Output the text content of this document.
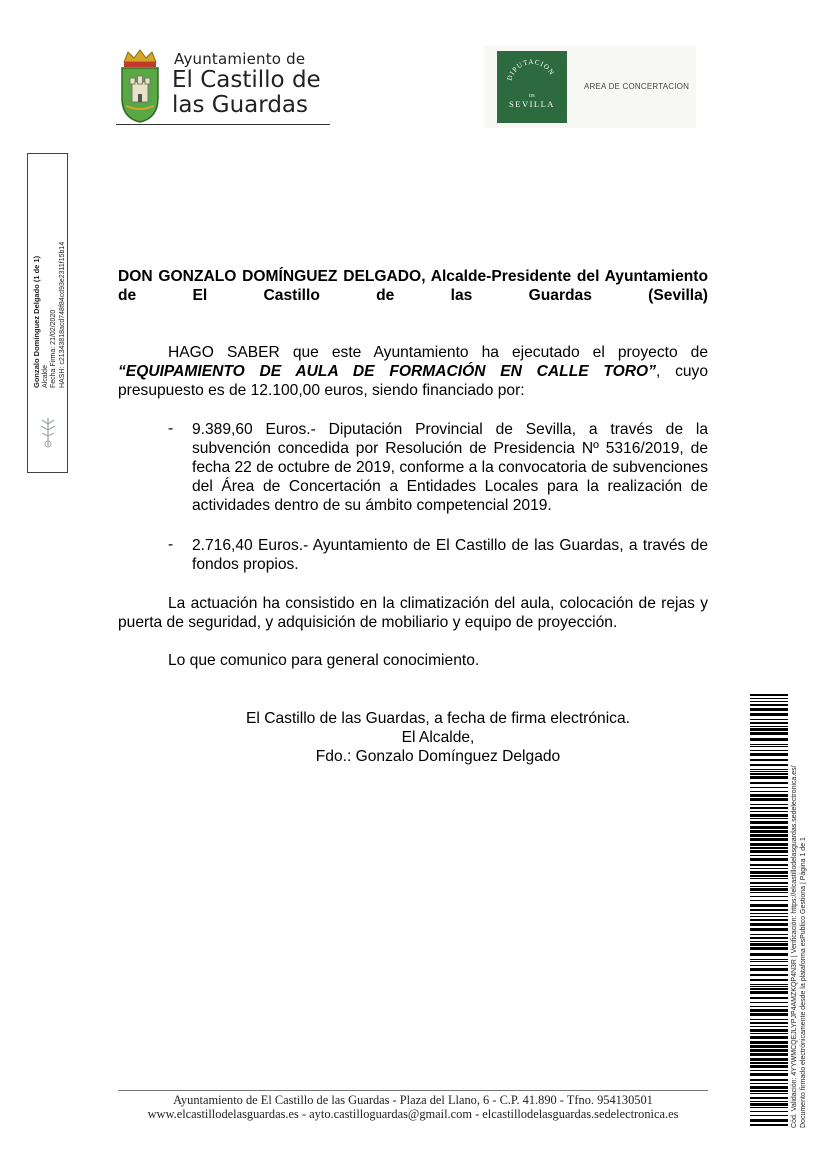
Ayuntamiento de
El Castillo de
las Guardas
DIPUTACION
DE
SEVILLA
AREA DE CONCERTACION
Gonzalo Domínguez Delgado (1 de 1) Alcalde Fecha Firma: 21/02/2020 HASH: c21343818acd748f84cd93e2311f15b14	DON GONZALO DOMÍNGUEZ DELGADO, Alcalde-Presidente del Ayuntamiento de El Castillo de las Guardas (Sevilla)
HAGO SABER que este Ayuntamiento ha ejecutado el proyecto de “EQUIPAMIENTO DE AULA DE FORMACIÓN EN CALLE TORO”, cuyo presupuesto es de 12.100,00 euros, siendo financiado por:
- 9.389,60 Euros.- Diputación Provincial de Sevilla, a través de la subvención concedida por Resolución de Presidencia Nº 5316/2019, de fecha 22 de octubre de 2019, conforme a la convocatoria de subvenciones del Área de Concertación a Entidades Locales para la realización de actividades dentro de su ámbito competencial 2019.
- 2.716,40 Euros.- Ayuntamiento de El Castillo de las Guardas, a través de fondos propios.
La actuación ha consistido en la climatización del aula, colocación de rejas y puerta de seguridad, y adquisición de mobiliario y equipo de proyección.
Lo que comunico para general conocimiento.
El Castillo de las Guardas, a fecha de firma electrónica.
El Alcalde,
Fdo.: Gonzalo Domínguez Delgado
Cód. Validación: 4YYWMCQEJLYPJP4AMZKQP4N3R | Verificación: https://elcastillodelasguardas.sedelectronica.es/ Documento firmado electrónicamente desde la plataforma esPublico Gestiona | Página 1 de 1
Ayuntamiento de El Castillo de las Guardas - Plaza del Llano, 6 - C.P. 41.890 - Tfno. 954130501
www.elcastillodelasguardas.es - ayto.castilloguardas@gmail.com - elcastillodelasguardas.sedelectronica.es
